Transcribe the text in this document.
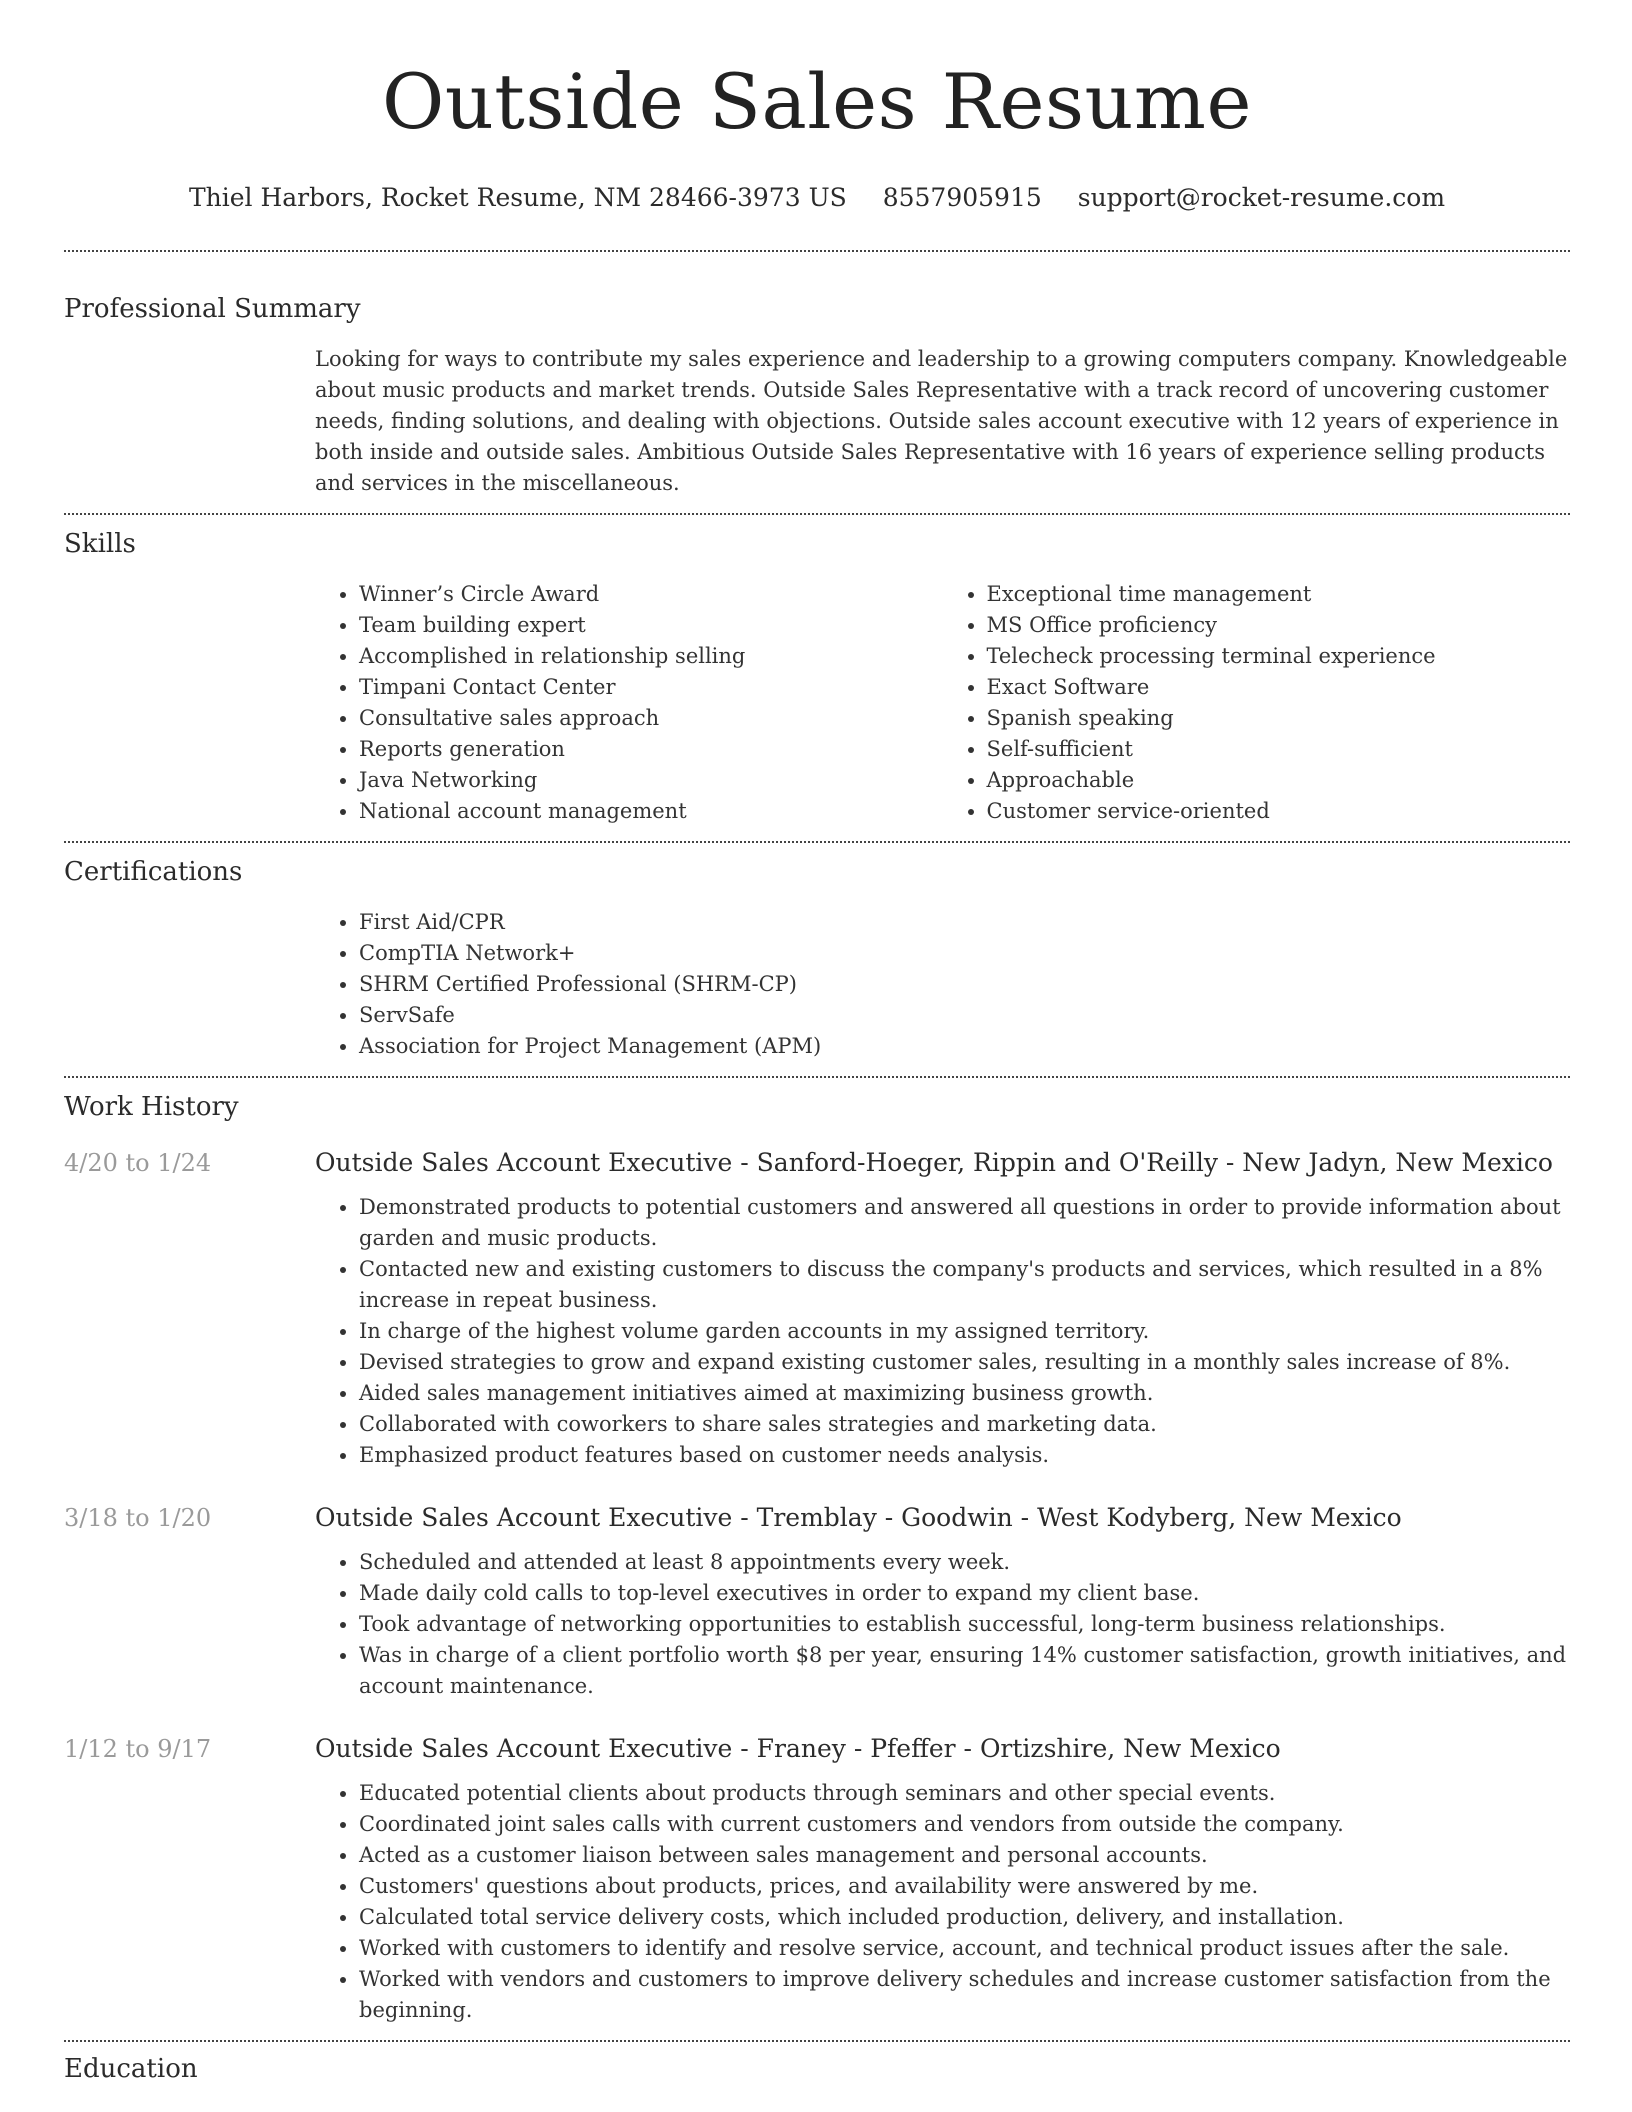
Outside Sales Resume
Thiel Harbors, Rocket Resume, NM 28466-3973 US 8557905915 support@rocket-resume.com
Professional Summary
Looking for ways to contribute my sales experience and leadership to a growing computers company. Knowledgeable about music products and market trends. Outside Sales Representative with a track record of uncovering customer needs, finding solutions, and dealing with objections. Outside sales account executive with 12 years of experience in both inside and outside sales. Ambitious Outside Sales Representative with 16 years of experience selling products and services in the miscellaneous.
Skills
• Winner’s Circle Award
• Team building expert
• Accomplished in relationship selling
• Timpani Contact Center
• Consultative sales approach
• Reports generation
• Java Networking
• National account management
• Exceptional time management
• MS Office proficiency
• Telecheck processing terminal experience
• Exact Software
• Spanish speaking
• Self-sufficient
• Approachable
• Customer service-oriented
Certifications
• First Aid/CPR
• CompTIA Network+
• SHRM Certified Professional (SHRM-CP)
• ServSafe
• Association for Project Management (APM)
Work History
4/20 to 1/24	Outside Sales Account Executive - Sanford-Hoeger, Rippin and O'Reilly - New Jadyn, New Mexico
• Demonstrated products to potential customers and answered all questions in order to provide information about garden and music products.
• Contacted new and existing customers to discuss the company's products and services, which resulted in a 8% increase in repeat business.
• In charge of the highest volume garden accounts in my assigned territory.
• Devised strategies to grow and expand existing customer sales, resulting in a monthly sales increase of 8%.
• Aided sales management initiatives aimed at maximizing business growth.
• Collaborated with coworkers to share sales strategies and marketing data.
• Emphasized product features based on customer needs analysis.
3/18 to 1/20	Outside Sales Account Executive - Tremblay - Goodwin - West Kodyberg, New Mexico
• Scheduled and attended at least 8 appointments every week.
• Made daily cold calls to top-level executives in order to expand my client base.
• Took advantage of networking opportunities to establish successful, long-term business relationships.
• Was in charge of a client portfolio worth $8 per year, ensuring 14% customer satisfaction, growth initiatives, and account maintenance.
1/12 to 9/17	Outside Sales Account Executive - Franey - Pfeffer - Ortizshire, New Mexico
• Educated potential clients about products through seminars and other special events.
• Coordinated joint sales calls with current customers and vendors from outside the company.
• Acted as a customer liaison between sales management and personal accounts.
• Customers' questions about products, prices, and availability were answered by me.
• Calculated total service delivery costs, which included production, delivery, and installation.
• Worked with customers to identify and resolve service, account, and technical product issues after the sale.
• Worked with vendors and customers to improve delivery schedules and increase customer satisfaction from the beginning.
Education
